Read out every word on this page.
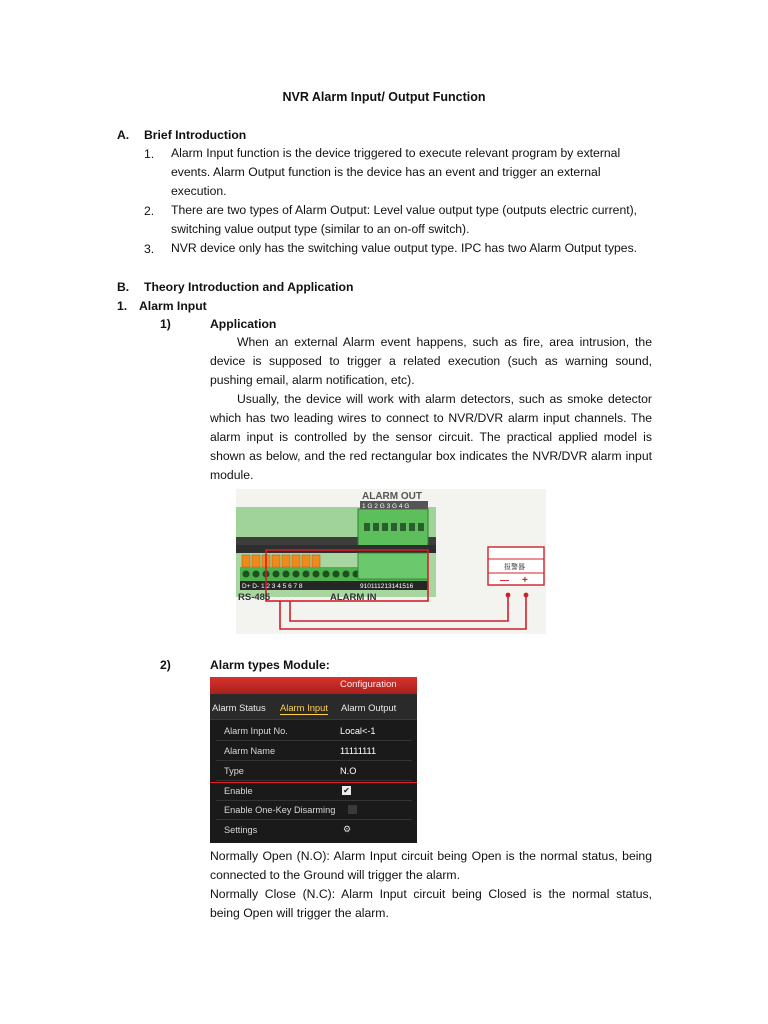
NVR Alarm Input/ Output Function
A. Brief Introduction
1. Alarm Input function is the device triggered to execute relevant program by external
events. Alarm Output function is the device has an event and trigger an external
execution.
2. There are two types of Alarm Output: Level value output type (outputs electric current),
switching value output type (similar to an on-off switch).
3. NVR device only has the switching value output type. IPC has two Alarm Output types.
B. Theory Introduction and Application
1. Alarm Input
1)	Application
When an external Alarm event happens, such as fire, area intrusion, the
device is supposed to trigger a related execution (such as warning sound,
pushing email, alarm notification, etc).
Usually, the device will work with alarm detectors, such as smoke detector
which has two leading wires to connect to NVR/DVR alarm input channels. The
alarm input is controlled by the sensor circuit. The practical applied model is
shown as below, and the red rectangular box indicates the NVR/DVR alarm input
module.
ALARM OUT
1 G 2 G 3 G 4 G
D+ D- 1 2 3 4 5 6 7 8	910111213141516
RS-485	ALARM IN
报警器
— +
2)	Alarm types Module:
Configuration
Alarm Status Alarm Input Alarm Output
Alarm Input No.	Local<-1
Alarm Name	11111111
Type	N.O
Enable	✔
Enable One-Key Disarming
Settings	⚙
Normally Open (N.O): Alarm Input circuit being Open is the normal status, being
connected to the Ground will trigger the alarm.
Normally Close (N.C): Alarm Input circuit being Closed is the normal status,
being Open will trigger the alarm.
